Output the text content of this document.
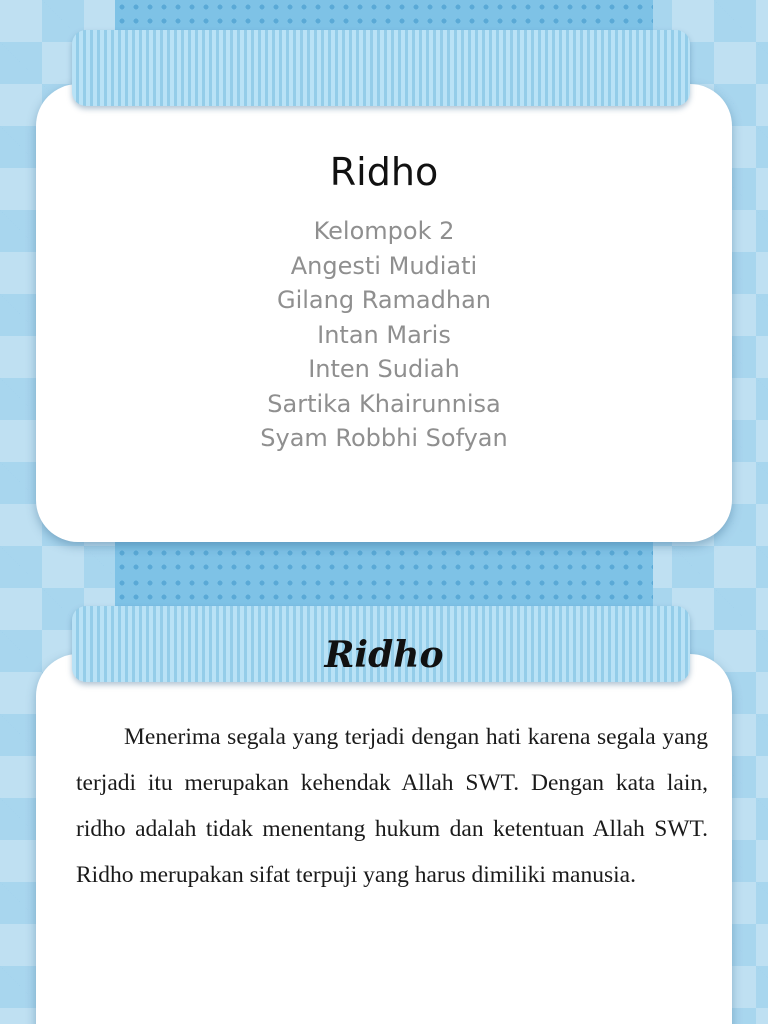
Ridho
Kelompok 2
Angesti Mudiati
Gilang Ramadhan
Intan Maris
Inten Sudiah
Sartika Khairunnisa
Syam Robbhi Sofyan
Ridho

Menerima segala yang terjadi dengan hati karena segala yang terjadi itu merupakan kehendak Allah SWT. Dengan kata lain, ridho adalah tidak menentang hukum dan ketentuan Allah SWT. Ridho merupakan sifat terpuji yang harus dimiliki manusia.
